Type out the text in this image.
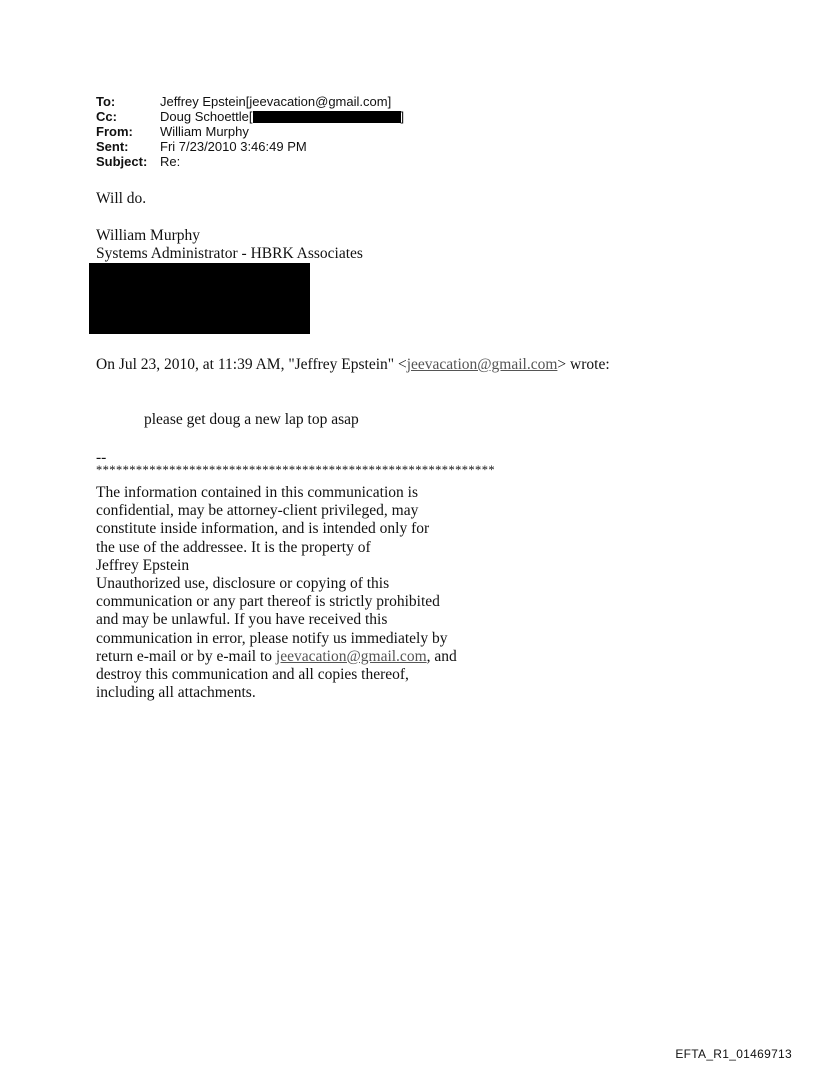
To:	Jeffrey Epstein[jeevacation@gmail.com]
Cc:	Doug Schoettle[	]
From:	William Murphy
Sent:	Fri 7/23/2010 3:46:49 PM
Subject: Re:
Will do.
William Murphy
Systems Administrator - HBRK Associates
On Jul 23, 2010, at 11:39 AM, "Jeffrey Epstein" <jeevacation@gmail.com> wrote:
please get doug a new lap top asap
--
************************************************************
The information contained in this communication is
confidential, may be attorney-client privileged, may
constitute inside information, and is intended only for
the use of the addressee. It is the property of
Jeffrey Epstein
Unauthorized use, disclosure or copying of this
communication or any part thereof is strictly prohibited
and may be unlawful. If you have received this
communication in error, please notify us immediately by
return e-mail or by e-mail to jeevacation@gmail.com, and
destroy this communication and all copies thereof,
including all attachments.
EFTA_R1_01469713
